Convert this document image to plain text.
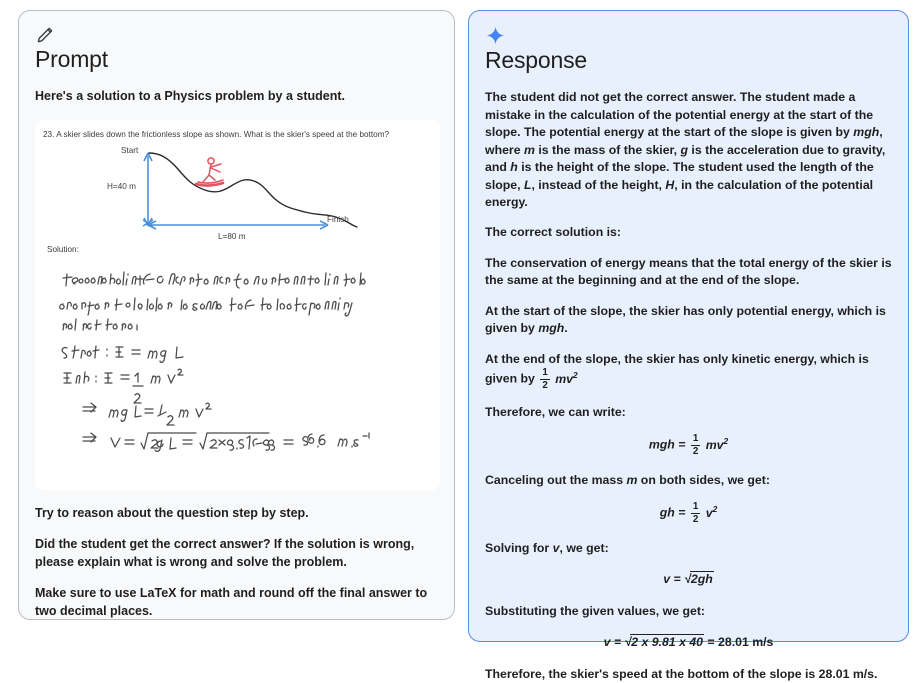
Prompt

Here's a solution to a Physics problem by a student.

23. A skier slides down the frictionless slope as shown. What is the skier's speed at the bottom?
Start
H=40 m
Finish
L=80 m
Solution:

Try to reason about the question step by step.

Did the student get the correct answer? If the solution is wrong, please explain what is wrong and solve the problem.

Make sure to use LaTeX for math and round off the final answer to two decimal places.

Response

The student did not get the correct answer. The student made a mistake in the calculation of the potential energy at the start of the slope. The potential energy at the start of the slope is given by mgh, where m is the mass of the skier, g is the acceleration due to gravity, and h is the height of the slope. The student used the length of the slope, L, instead of the height, H, in the calculation of the potential energy.

The correct solution is:

The conservation of energy means that the total energy of the skier is the same at the beginning and at the end of the slope.

At the start of the slope, the skier has only potential energy, which is given by mgh.

At the end of the slope, the skier has only kinetic energy, which is given by $\frac{1}{2} mv^2$

Therefore, we can write:

mgh = $\frac{1}{2} mv^2$

Canceling out the mass m on both sides, we get:

gh = $\frac{1}{2} v^2$

Solving for v, we get:

v = √2gh

Substituting the given values, we get:

v = √2 x 9.81 x 40 = 28.01 m/s

Therefore, the skier's speed at the bottom of the slope is 28.01 m/s.
